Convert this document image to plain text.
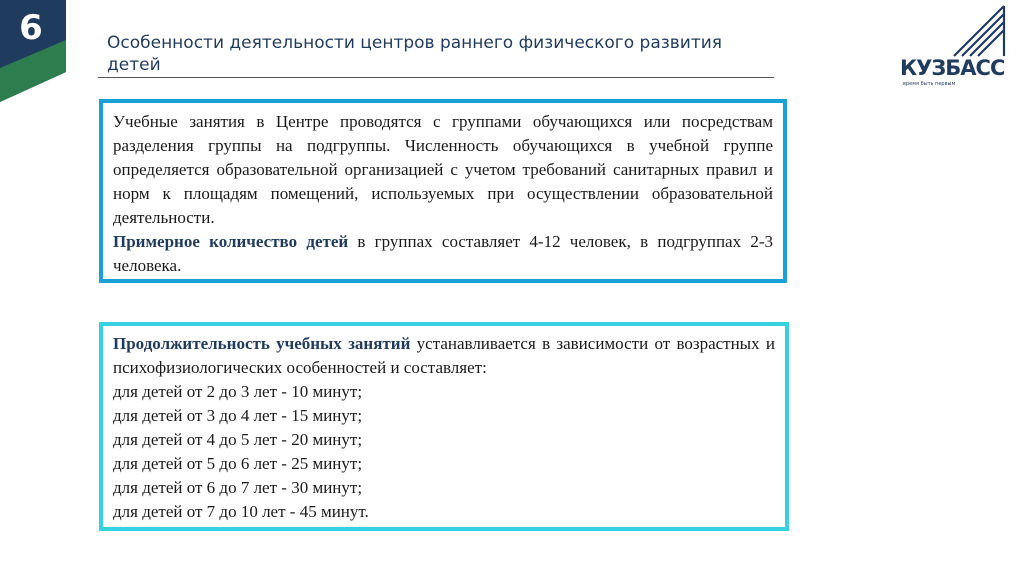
6	Особенности деятельности центров раннего физического развития детей	КУЗБАСС
время быть первым

Учебные занятия в Центре проводятся с группами обучающихся или посредствам разделения группы на подгруппы. Численность обучающихся в учебной группе определяется образовательной организацией с учетом требований санитарных правил и норм к площадям помещений, используемых при осуществлении образовательной деятельности.

Примерное количество детей в группах составляет 4-12 человек, в подгруппах 2-3 человека.

Продолжительность учебных занятий устанавливается в зависимости от возрастных и психофизиологических особенностей и составляет:

для детей от 2 до 3 лет - 10 минут;
для детей от 3 до 4 лет - 15 минут;
для детей от 4 до 5 лет - 20 минут;
для детей от 5 до 6 лет - 25 минут;
для детей от 6 до 7 лет - 30 минут;
для детей от 7 до 10 лет - 45 минут.
